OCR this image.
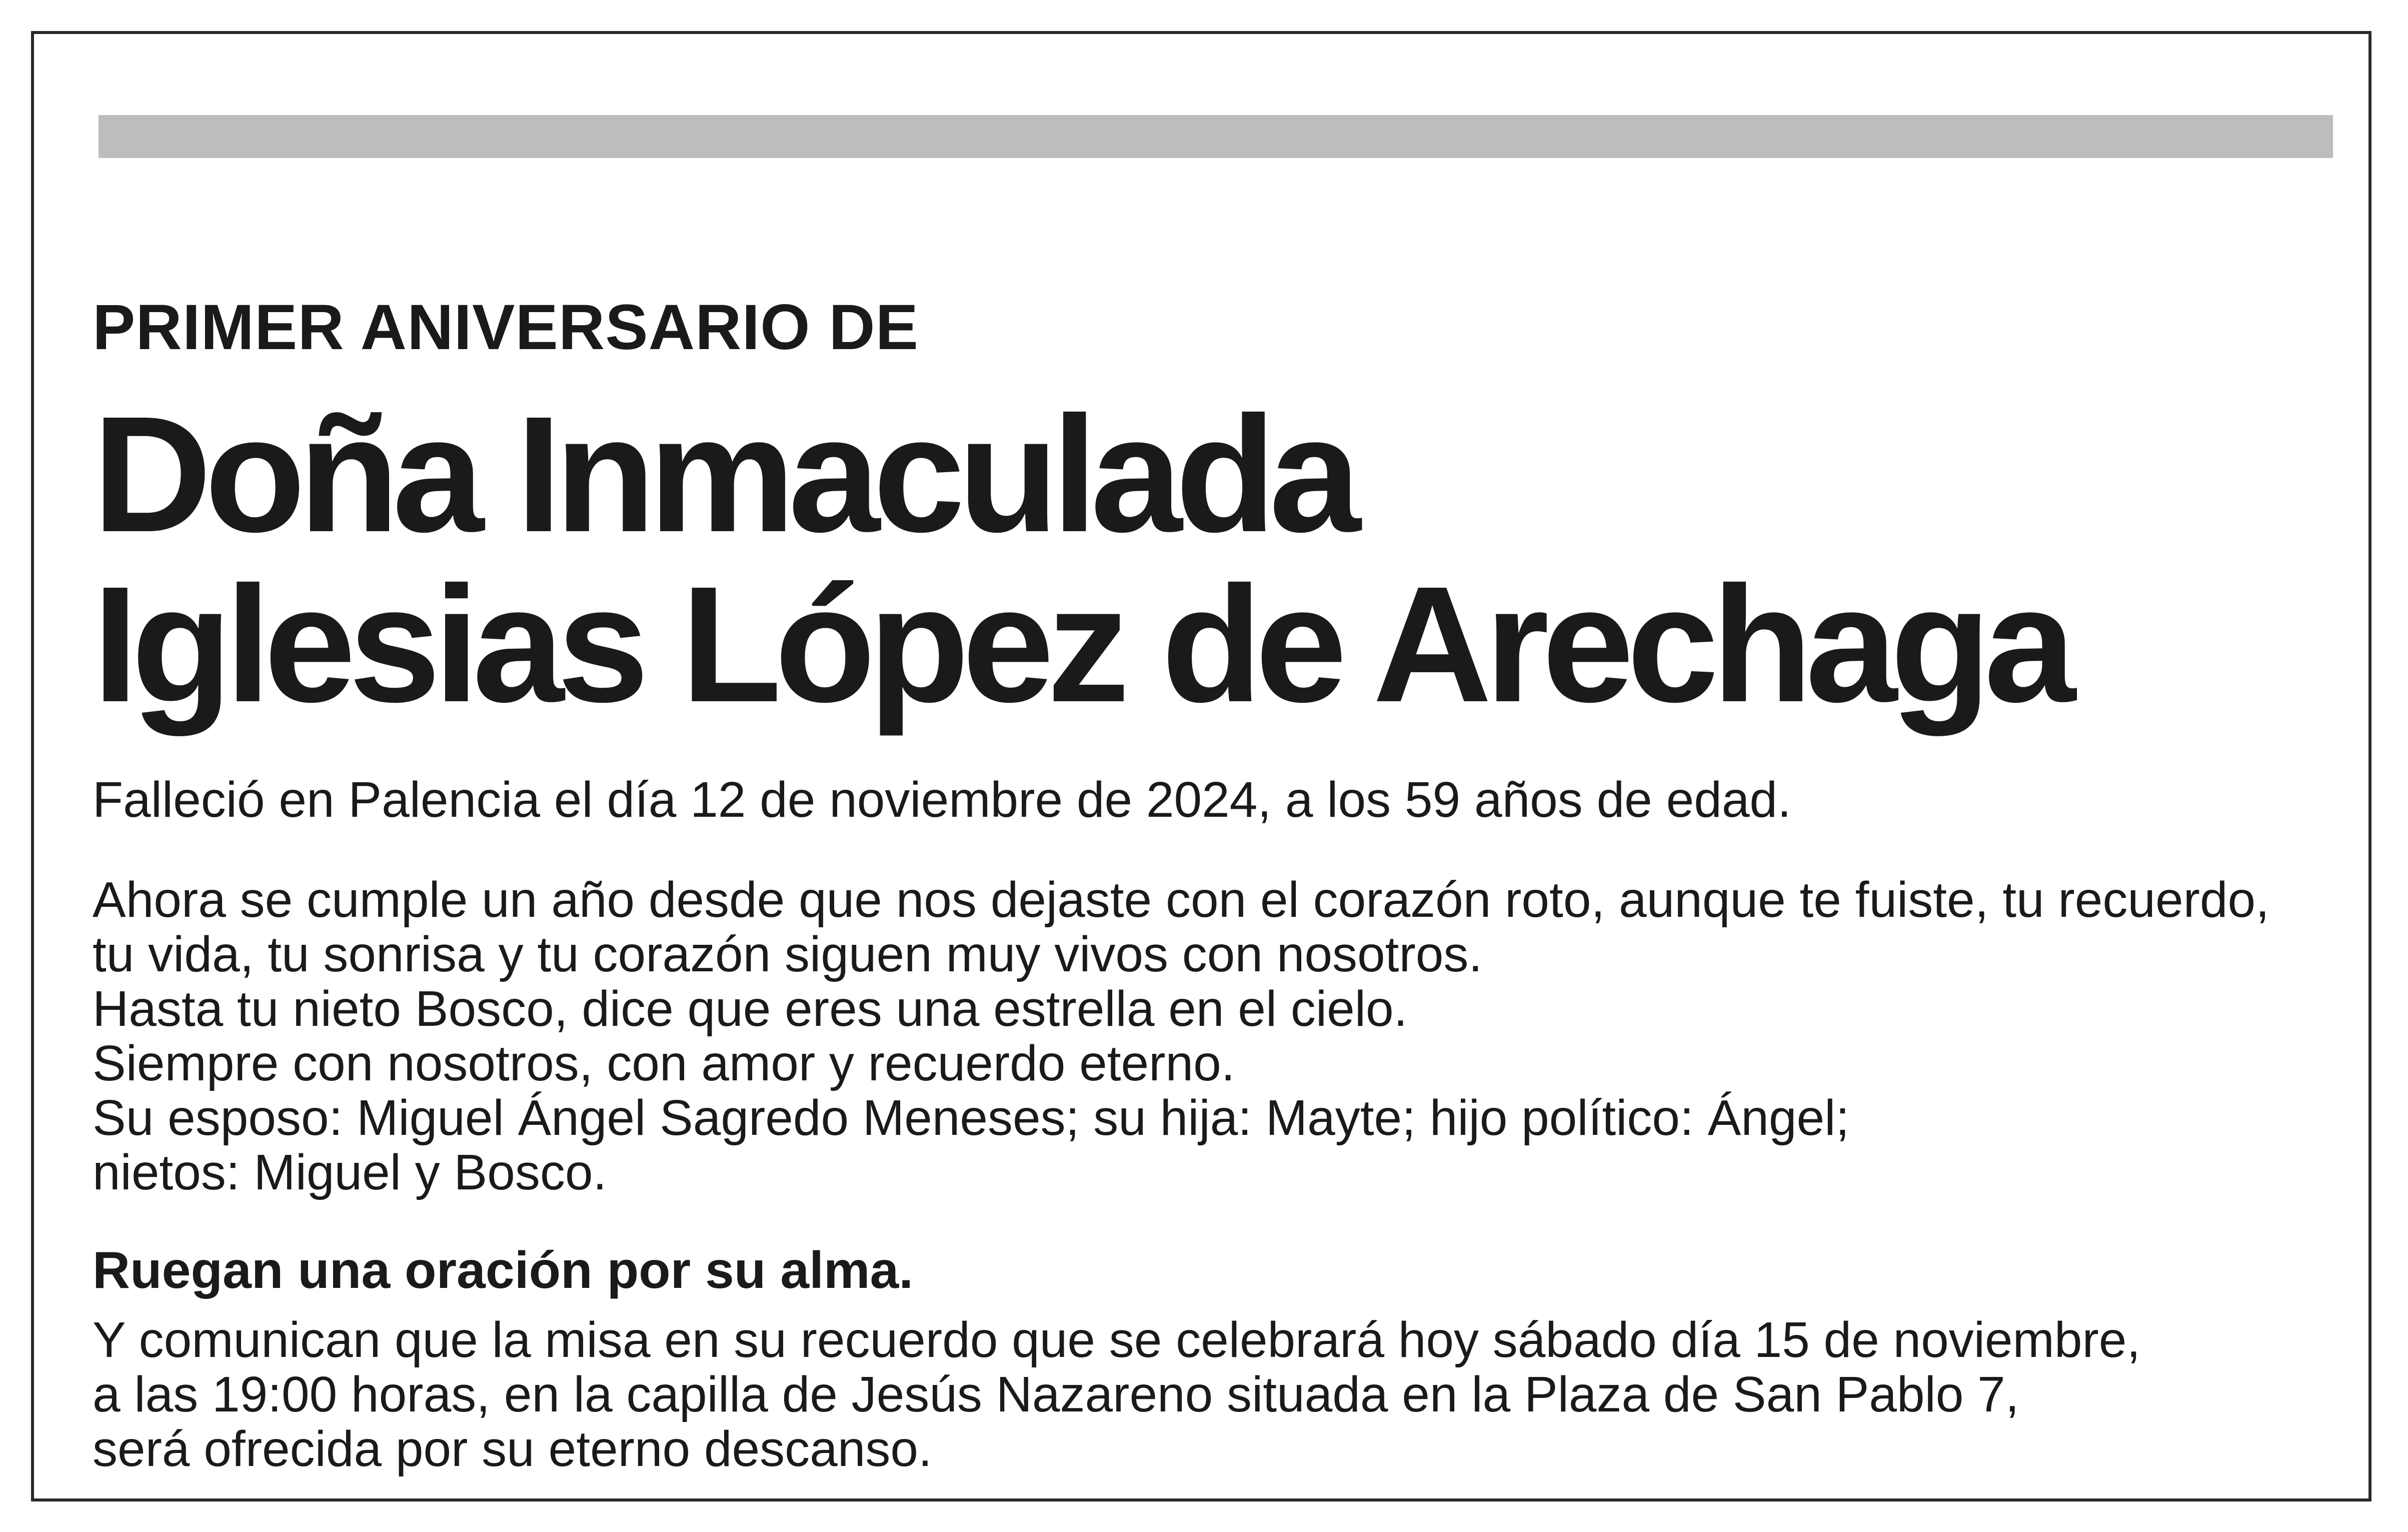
PRIMER ANIVERSARIO DE
Doña Inmaculada
Iglesias López de Arechaga
Falleció en Palencia el día 12 de noviembre de 2024, a los 59 años de edad.
Ahora se cumple un año desde que nos dejaste con el corazón roto, aunque te fuiste, tu recuerdo,
tu vida, tu sonrisa y tu corazón siguen muy vivos con nosotros.
Hasta tu nieto Bosco, dice que eres una estrella en el cielo.
Siempre con nosotros, con amor y recuerdo eterno.
Su esposo: Miguel Ángel Sagredo Meneses; su hija: Mayte; hijo político: Ángel;
nietos: Miguel y Bosco.
Ruegan una oración por su alma.
Y comunican que la misa en su recuerdo que se celebrará hoy sábado día 15 de noviembre,
a las 19:00 horas, en la capilla de Jesús Nazareno situada en la Plaza de San Pablo 7,
será ofrecida por su eterno descanso.
